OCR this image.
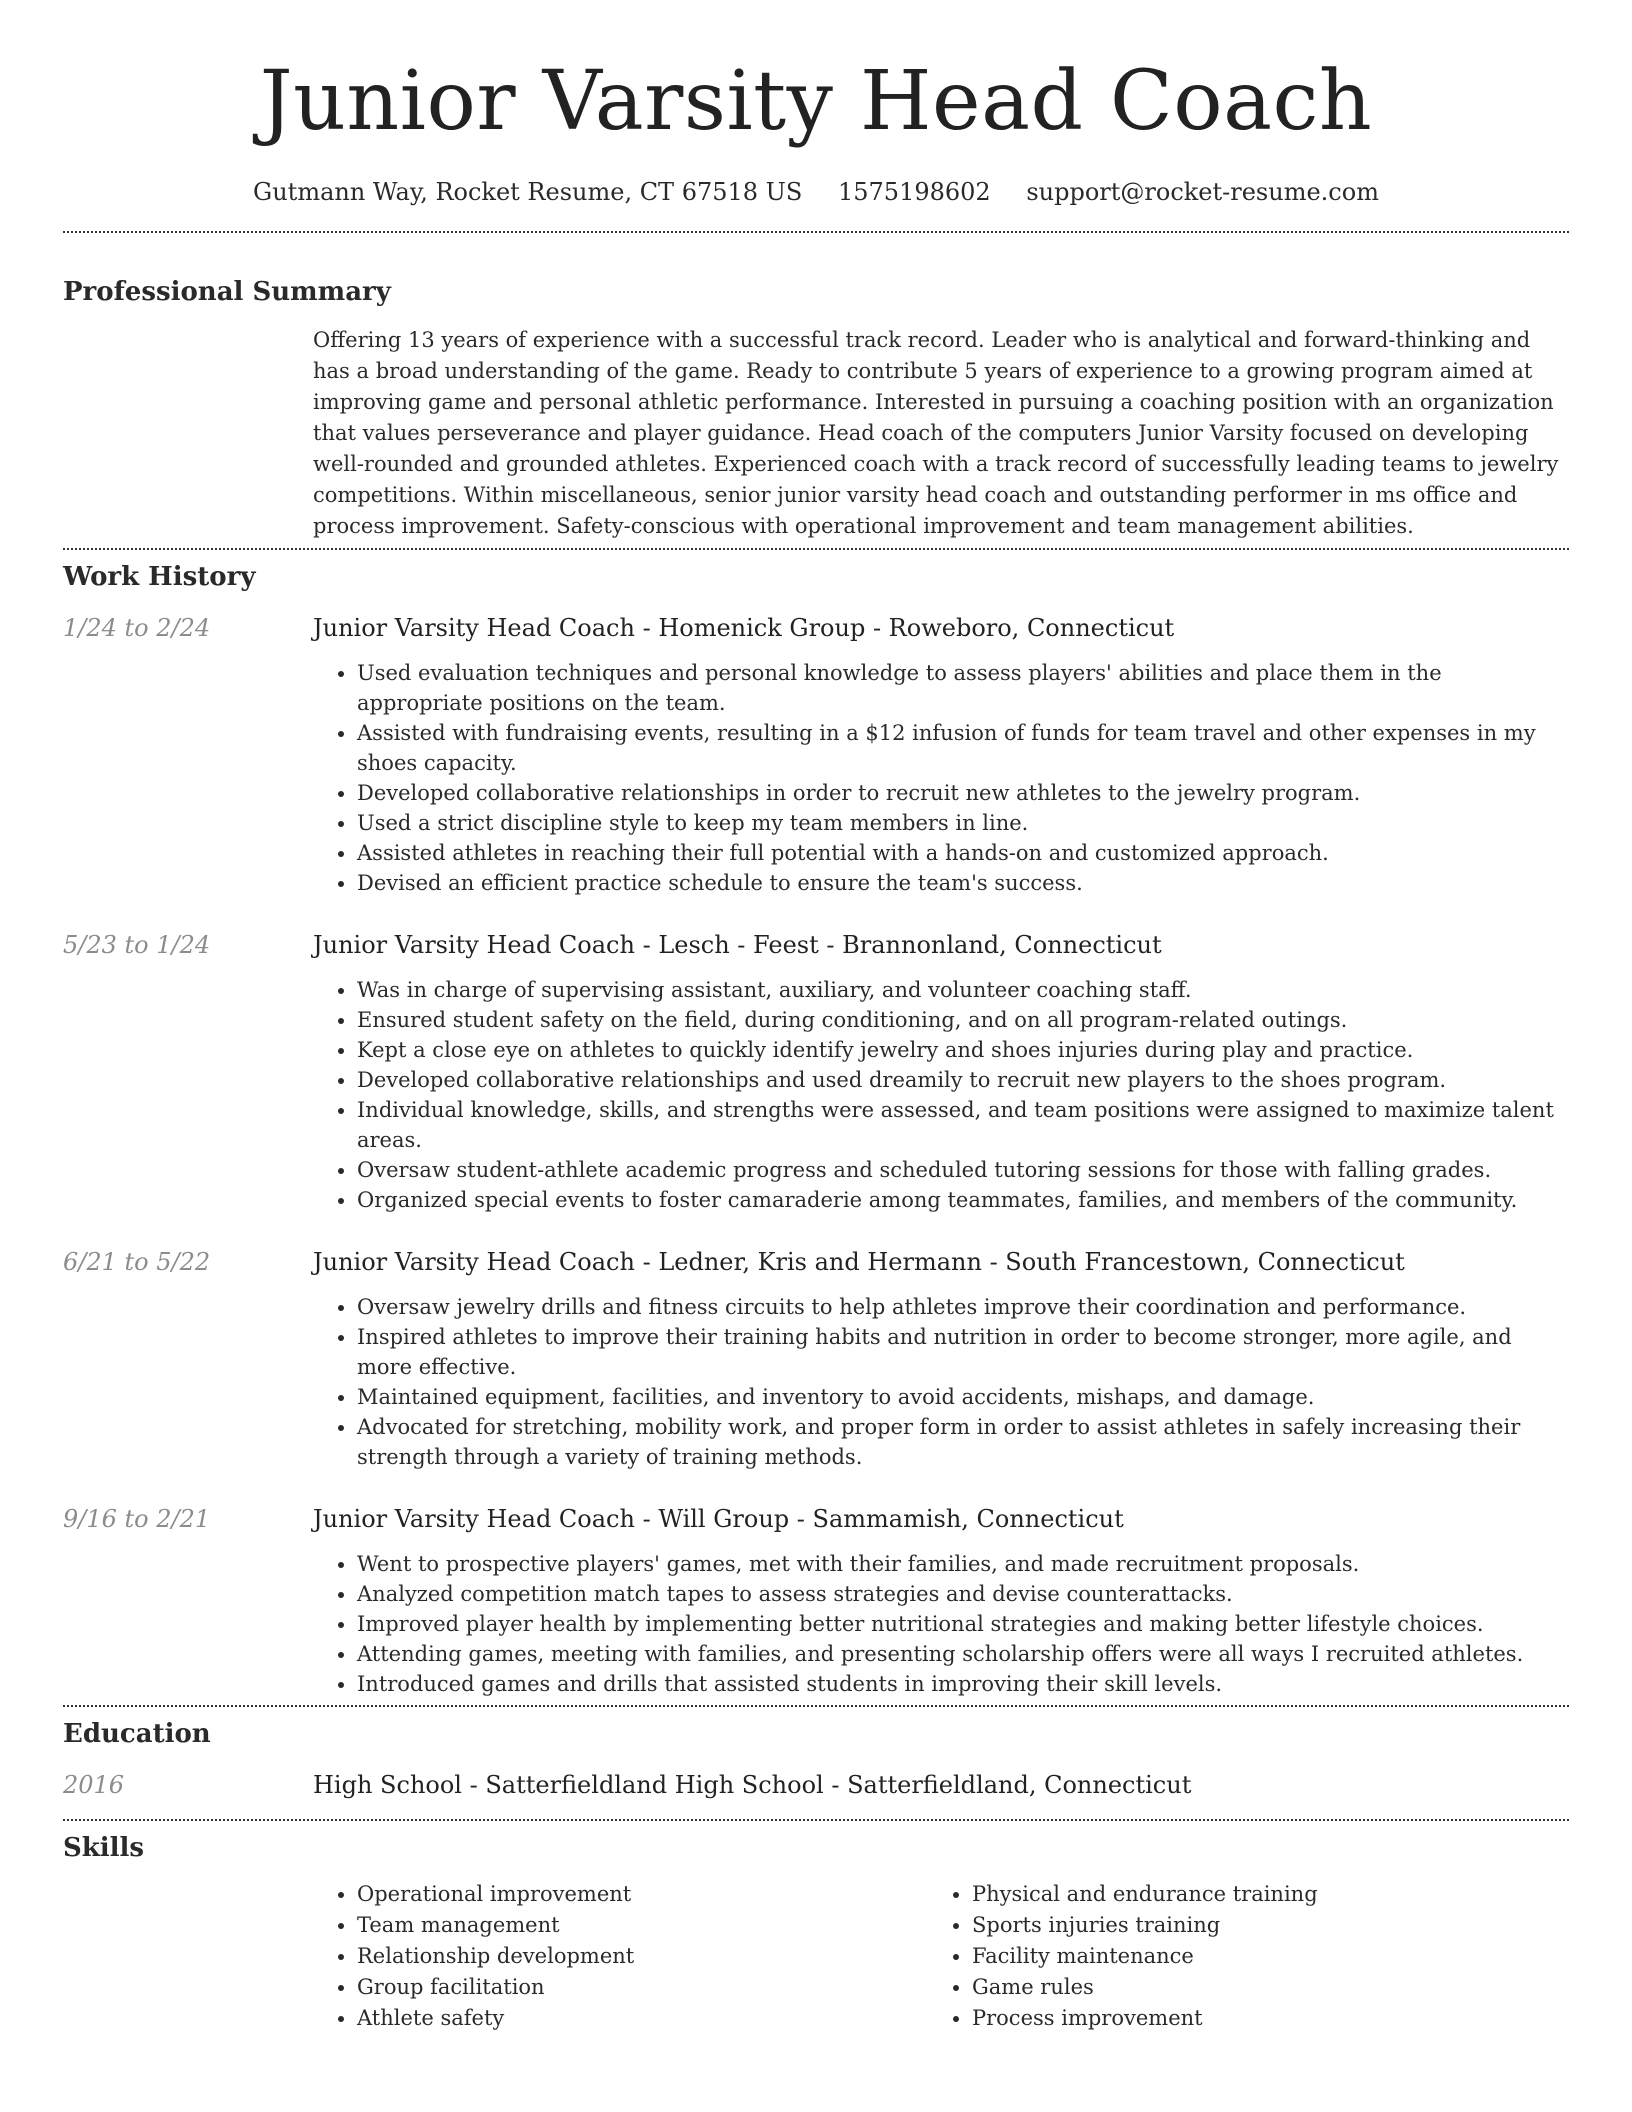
Junior Varsity Head Coach
Gutmann Way, Rocket Resume, CT 67518 US 1575198602 support@rocket-resume.com
Professional Summary
Offering 13 years of experience with a successful track record. Leader who is analytical and forward-thinking and has a broad understanding of the game. Ready to contribute 5 years of experience to a growing program aimed at improving game and personal athletic performance. Interested in pursuing a coaching position with an organization that values perseverance and player guidance. Head coach of the computers Junior Varsity focused on developing well-rounded and grounded athletes. Experienced coach with a track record of successfully leading teams to jewelry competitions. Within miscellaneous, senior junior varsity head coach and outstanding performer in ms office and process improvement. Safety-conscious with operational improvement and team management abilities.
Work History
1/24 to 2/24	Junior Varsity Head Coach - Homenick Group - Roweboro, Connecticut
• Used evaluation techniques and personal knowledge to assess players' abilities and place them in the appropriate positions on the team.
• Assisted with fundraising events, resulting in a $12 infusion of funds for team travel and other expenses in my shoes capacity.
• Developed collaborative relationships in order to recruit new athletes to the jewelry program.
• Used a strict discipline style to keep my team members in line.
• Assisted athletes in reaching their full potential with a hands-on and customized approach.
• Devised an efficient practice schedule to ensure the team's success.
5/23 to 1/24	Junior Varsity Head Coach - Lesch - Feest - Brannonland, Connecticut
• Was in charge of supervising assistant, auxiliary, and volunteer coaching staff.
• Ensured student safety on the field, during conditioning, and on all program-related outings.
• Kept a close eye on athletes to quickly identify jewelry and shoes injuries during play and practice.
• Developed collaborative relationships and used dreamily to recruit new players to the shoes program.
• Individual knowledge, skills, and strengths were assessed, and team positions were assigned to maximize talent areas.
• Oversaw student-athlete academic progress and scheduled tutoring sessions for those with falling grades.
• Organized special events to foster camaraderie among teammates, families, and members of the community.
6/21 to 5/22	Junior Varsity Head Coach - Ledner, Kris and Hermann - South Francestown, Connecticut
• Oversaw jewelry drills and fitness circuits to help athletes improve their coordination and performance.
• Inspired athletes to improve their training habits and nutrition in order to become stronger, more agile, and more effective.
• Maintained equipment, facilities, and inventory to avoid accidents, mishaps, and damage.
• Advocated for stretching, mobility work, and proper form in order to assist athletes in safely increasing their strength through a variety of training methods.
9/16 to 2/21	Junior Varsity Head Coach - Will Group - Sammamish, Connecticut
• Went to prospective players' games, met with their families, and made recruitment proposals.
• Analyzed competition match tapes to assess strategies and devise counterattacks.
• Improved player health by implementing better nutritional strategies and making better lifestyle choices.
• Attending games, meeting with families, and presenting scholarship offers were all ways I recruited athletes.
• Introduced games and drills that assisted students in improving their skill levels.
Education
2016	High School - Satterfieldland High School - Satterfieldland, Connecticut
Skills
• Operational improvement
• Team management
• Relationship development
• Group facilitation
• Athlete safety
• Physical and endurance training
• Sports injuries training
• Facility maintenance
• Game rules
• Process improvement
